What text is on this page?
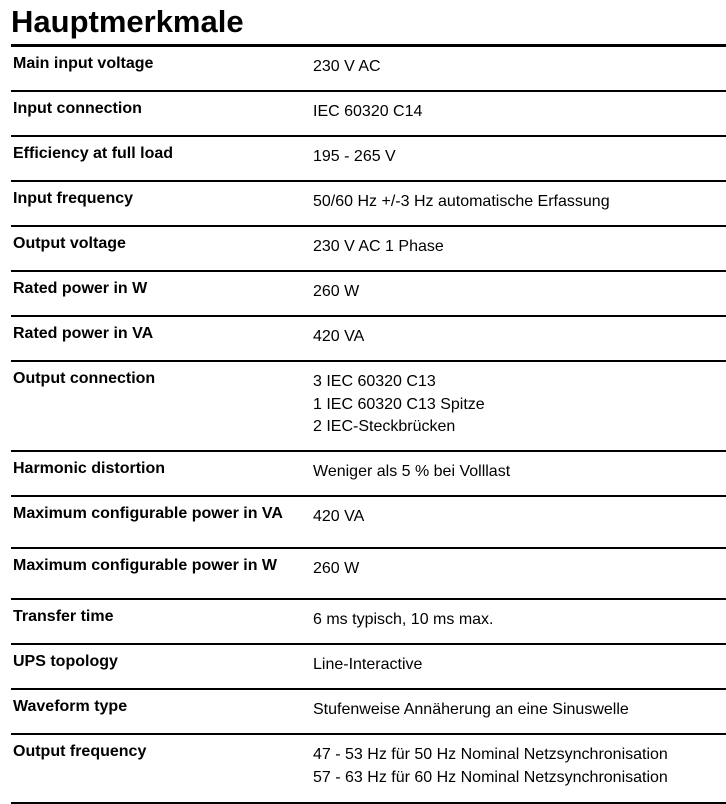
Hauptmerkmale
Main input voltage	230 V AC
Input connection	IEC 60320 C14
Efficiency at full load	195 - 265 V
Input frequency	50/60 Hz +/-3 Hz automatische Erfassung
Output voltage	230 V AC 1 Phase
Rated power in W	260 W
Rated power in VA	420 VA
Output connection	3 IEC 60320 C13
1 IEC 60320 C13 Spitze
2 IEC-Steckbrücken
Harmonic distortion	Weniger als 5 % bei Volllast
Maximum configurable power in VA	420 VA
Maximum configurable power in W	260 W
Transfer time	6 ms typisch, 10 ms max.
UPS topology	Line-Interactive
Waveform type	Stufenweise Annäherung an eine Sinuswelle
Output frequency	47 - 53 Hz für 50 Hz Nominal Netzsynchronisation
57 - 63 Hz für 60 Hz Nominal Netzsynchronisation
